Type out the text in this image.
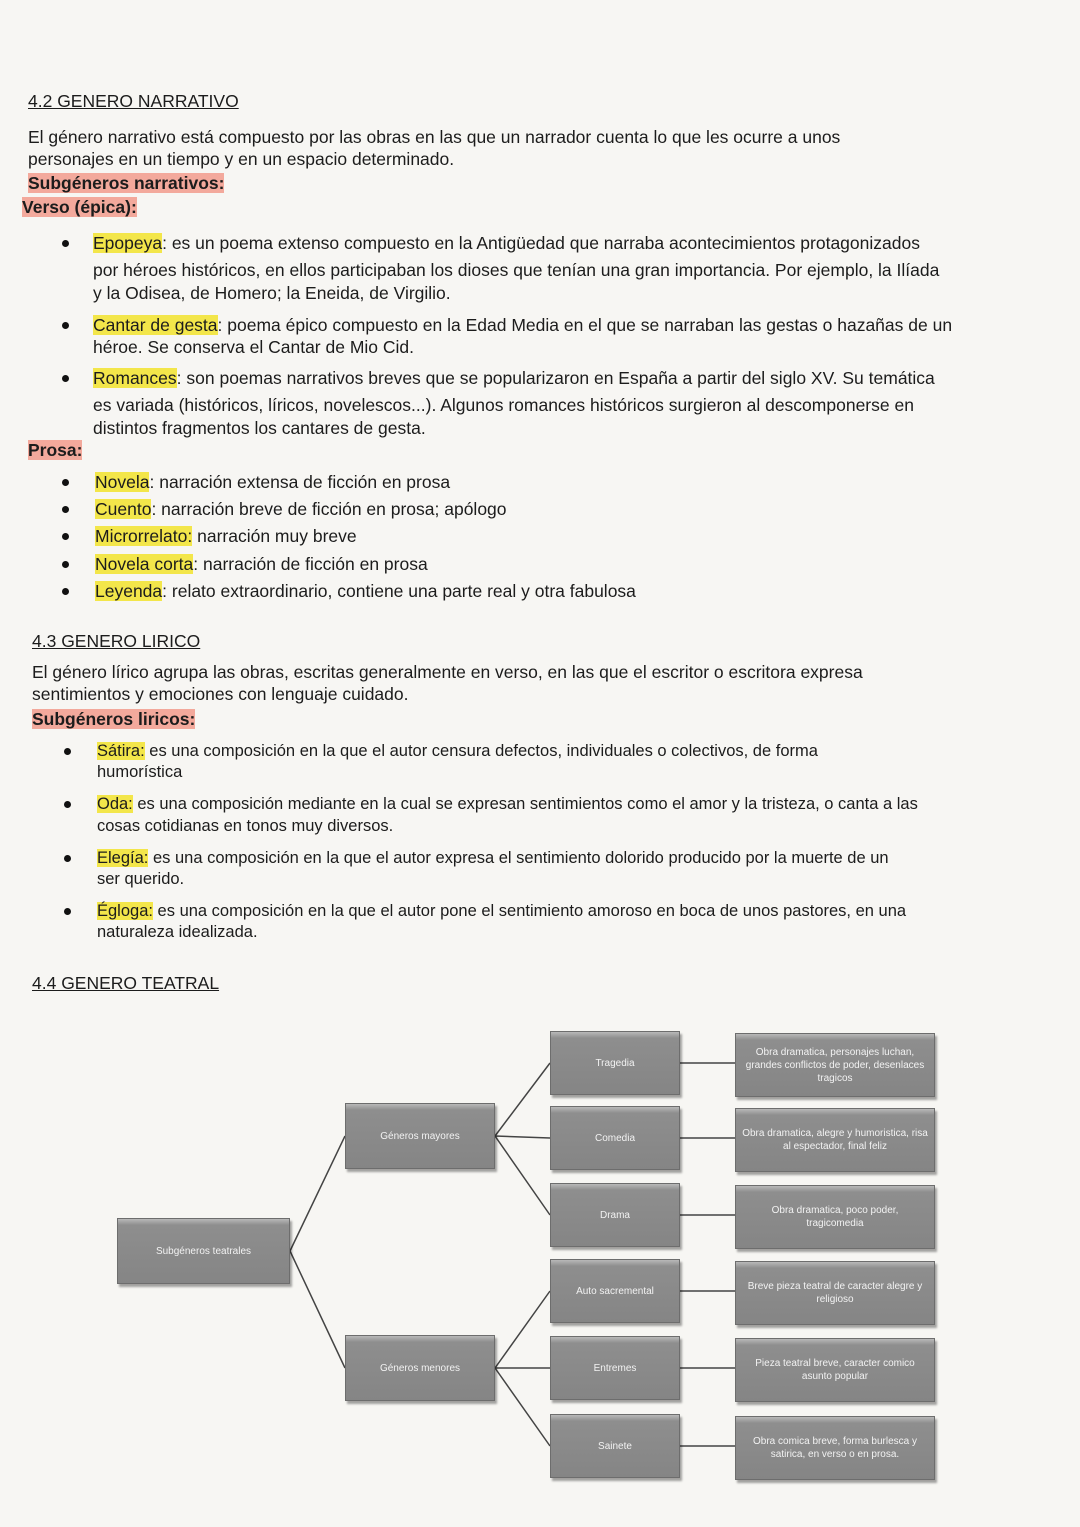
4.2 GENERO NARRATIVO
El género narrativo está compuesto por las obras en las que un narrador cuenta lo que les ocurre a unos
personajes en un tiempo y en un espacio determinado.
Subgéneros narrativos:
Verso (épica):
Prosa:
4.3 GENERO LIRICO
El género lírico agrupa las obras, escritas generalmente en verso, en las que el escritor o escritora expresa
sentimientos y emociones con lenguaje cuidado.
Subgéneros liricos:
4.4 GENERO TEATRAL
Subgéneros teatrales
Géneros mayores
Géneros menores
Epopeya: es un poema extenso compuesto en la Antigüedad que narraba acontecimientos protagonizados
por héroes históricos, en ellos participaban los dioses que tenían una gran importancia. Por ejemplo, la Ilíada
y la Odisea, de Homero; la Eneida, de Virgilio.
Cantar de gesta: poema épico compuesto en la Edad Media en el que se narraban las gestas o hazañas de un
héroe. Se conserva el Cantar de Mio Cid.
Romances: son poemas narrativos breves que se popularizaron en España a partir del siglo XV. Su temática
es variada (históricos, líricos, novelescos...). Algunos romances históricos surgieron al descomponerse en
distintos fragmentos los cantares de gesta.
Novela: narración extensa de ficción en prosa
Cuento: narración breve de ficción en prosa; apólogo
Microrrelato: narración muy breve
Novela corta: narración de ficción en prosa
Leyenda: relato extraordinario, contiene una parte real y otra fabulosa
Sátira: es una composición en la que el autor censura defectos, individuales o colectivos, de forma
humorística
Oda: es una composición mediante en la cual se expresan sentimientos como el amor y la tristeza, o canta a las
cosas cotidianas en tonos muy diversos.
Elegía: es una composición en la que el autor expresa el sentimiento dolorido producido por la muerte de un
ser querido.
Égloga: es una composición en la que el autor pone el sentimiento amoroso en boca de unos pastores, en una
naturaleza idealizada.
Tragedia
Obra dramatica, personajes luchan, grandes conflictos de poder, desenlaces tragicos
Comedia	Obra dramatica, alegre y humoristica, risa al espectador, final feliz
Drama	Obra dramatica, poco poder, tragicomedia
Auto sacremental	Breve pieza teatral de caracter alegre y religioso
Entremes	Pieza teatral breve, caracter comico asunto popular
Sainete	Obra comica breve, forma burlesca y satirica, en verso o en prosa.
